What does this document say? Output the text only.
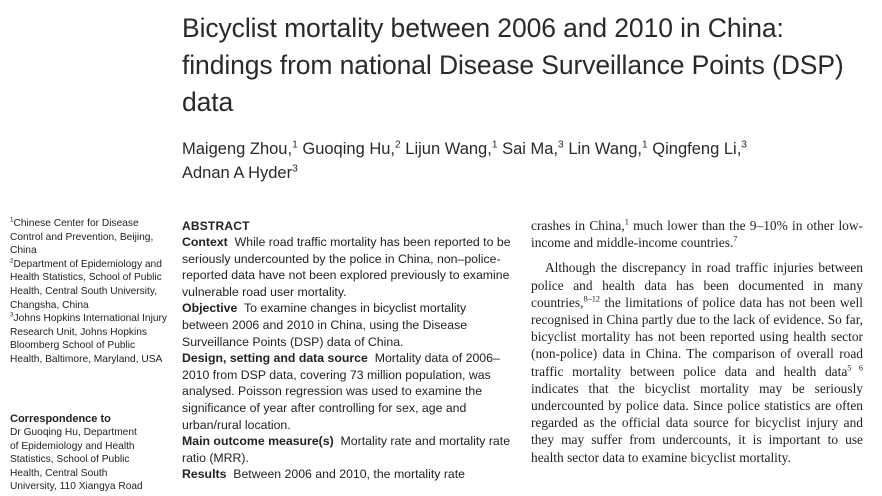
Bicyclist mortality between 2006 and 2010 in China: findings from national Disease Surveillance Points (DSP) data
Maigeng Zhou,$^1$ Guoqing Hu,$^2$ Lijun Wang,$^1$ Sai Ma,$^3$ Lin Wang,$^1$ Qingfeng Li,$^3$
Adnan A Hyder$^3$
$^1$Chinese Center for Disease Control and Prevention, Beijing, China
$^2$Department of Epidemiology and Health Statistics, School of Public Health, Central South University, Changsha, China
$^3$Johns Hopkins International Injury Research Unit, Johns Hopkins Bloomberg School of Public Health, Baltimore, Maryland, USA
Correspondence to
Dr Guoqing Hu, Department
of Epidemiology and Health
Statistics, School of Public
Health, Central South
University, 110 Xiangya Road
ABSTRACT
Context While road traffic mortality has been reported to be seriously undercounted by the police in China, non–police-reported data have not been explored previously to examine vulnerable road user mortality.
Objective To examine changes in bicyclist mortality between 2006 and 2010 in China, using the Disease Surveillance Points (DSP) data of China.
Design, setting and data source Mortality data of 2006–2010 from DSP data, covering 73 million population, was analysed. Poisson regression was used to examine the significance of year after controlling for sex, age and urban/rural location.
Main outcome measure(s) Mortality rate and mortality rate ratio (MRR).
Results Between 2006 and 2010, the mortality rate

crashes in China,$^1$ much lower than the 9–10% in other low-income and middle-income countries.$^7$

Although the discrepancy in road traffic injuries between police and health data has been documented in many countries,$^{8-12}$ the limitations of police data has not been well recognised in China partly due to the lack of evidence. So far, bicyclist mortality has not been reported using health sector (non-police) data in China. The comparison of overall road traffic mortality between police data and health data$^{5 6}$ indicates that the bicyclist mortality may be seriously undercounted by police data. Since police statistics are often regarded as the official data source for bicyclist injury and they may suffer from undercounts, it is important to use health sector data to examine bicyclist mortality.
